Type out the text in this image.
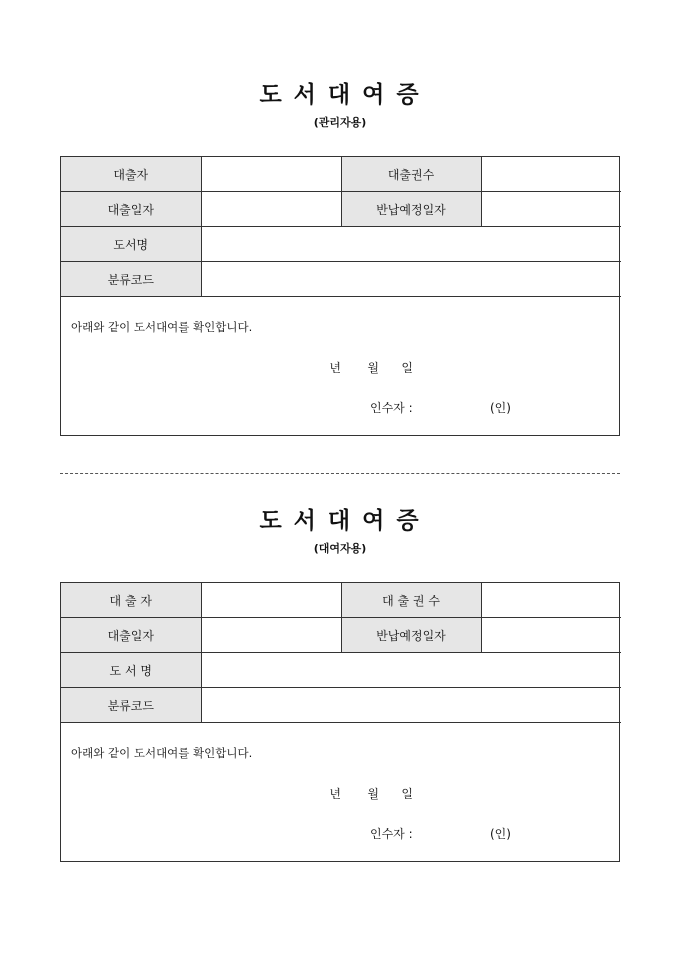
도 서 대 여 증
(관리자용)
대출자		대출권수	
대출일자		반납예정일자	
도서명			
분류코드			
아래와 같이 도서대여를 확인합니다.
년	월	일
인수자 :	(인)
도 서 대 여 증
(대여자용)
대 출 자		대 출 권 수	
대출일자		반납예정일자	
도 서 명			
분류코드			
아래와 같이 도서대여를 확인합니다.
년	월	일
인수자 :	(인)
